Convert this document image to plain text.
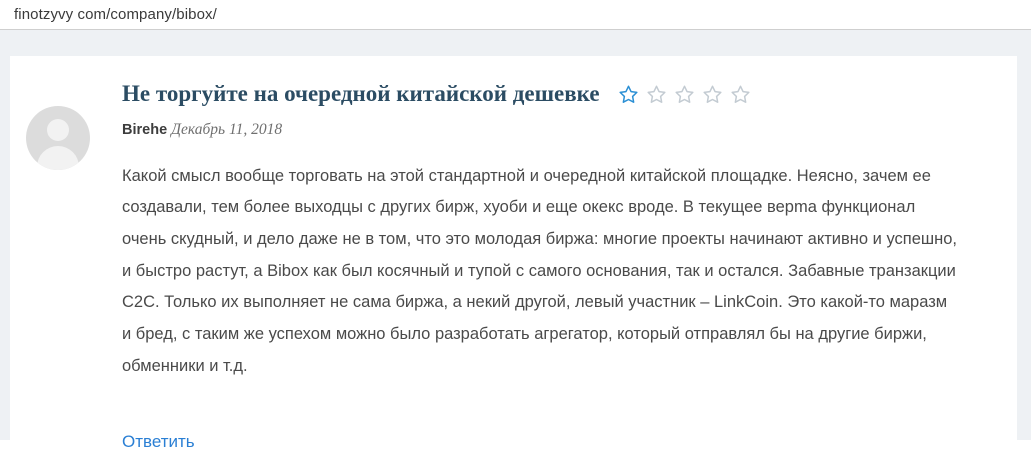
finotzyvy com/company/bibox/
Не торгуйте на очередной китайской дешевке
Birehe Декабрь 11, 2018

Какой смысл вообще торговать на этой стандартной и очередной китайской площадке. Неясно, зачем ее создавали, тем более выходцы с других бирж, хуоби и еще окекс вроде. В текущее верma функционал очень скудный, и дело даже не в том, что это молодая биржа: многие проекты начинают активно и успешно, и быстро растут, а Bibox как был косячный и тупой с самого основания, так и остался. Забавные транзакции C2C. Только их выполняет не сама биржа, а некий другой, левый участник – LinkCoin. Это какой-то маразм и бред, с таким же успехом можно было разработать агрегатор, который отправлял бы на другие биржи, обменники и т.д.

Ответить
